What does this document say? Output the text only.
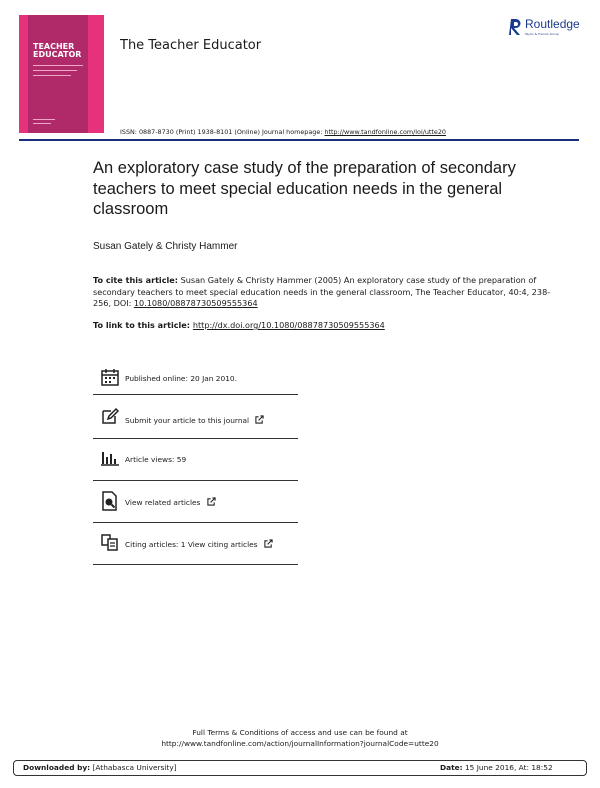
TEACHER
EDUCATOR
The Teacher Educator
Routledge
Taylor & Francis Group
ISSN: 0887-8730 (Print) 1938-8101 (Online) Journal homepage: http://www.tandfonline.com/loi/utte20
An exploratory case study of the preparation of secondary teachers to meet special education needs in the general classroom
Susan Gately & Christy Hammer
To cite this article: Susan Gately & Christy Hammer (2005) An exploratory case study of the preparation of secondary teachers to meet special education needs in the general classroom, The Teacher Educator, 40:4, 238-256, DOI: 10.1080/08878730509555364
To link to this article: http://dx.doi.org/10.1080/08878730509555364
Published online: 20 Jan 2010.
Submit your article to this journal
Article views: 59
View related articles
Citing articles: 1 View citing articles
Full Terms & Conditions of access and use can be found at
http://www.tandfonline.com/action/journalInformation?journalCode=utte20
Downloaded by: [Athabasca University]	Date: 15 June 2016, At: 18:52
